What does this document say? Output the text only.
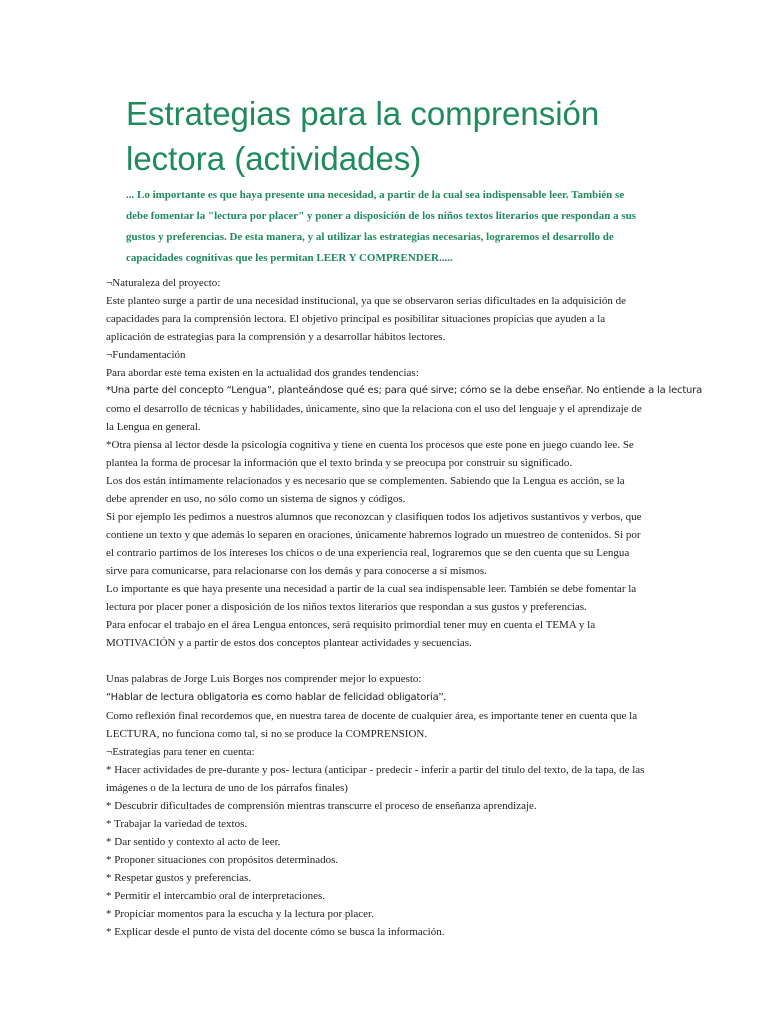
Estrategias para la comprensión lectora (actividades)

... Lo importante es que haya presente una necesidad, a partir de la cual sea indispensable leer. También se debe fomentar la "lectura por placer" y poner a disposición de los niños textos literarios que respondan a sus gustos y preferencias. De esta manera, y al utilizar las estrategias necesarias, lograremos el desarrollo de capacidades cognitivas que les permitan LEER Y COMPRENDER.....

¬Naturaleza del proyecto:
Este planteo surge a partir de una necesidad institucional, ya que se observaron serias dificultades en la adquisición de
capacidades para la comprensión lectora. El objetivo principal es posibilitar situaciones propicias que ayuden a la
aplicación de estrategias para la comprensión y a desarrollar hábitos lectores.
¬Fundamentación
Para abordar este tema existen en la actualidad dos grandes tendencias:
*Una parte del concepto “Lengua”, planteándose qué es; para qué sirve; cómo se la debe enseñar. No entiende a la lectura
como el desarrollo de técnicas y habilidades, únicamente, sino que la relaciona con el uso del lenguaje y el aprendizaje de
la Lengua en general.
*Otra piensa al lector desde la psicología cognitiva y tiene en cuenta los procesos que este pone en juego cuando lee. Se
plantea la forma de procesar la información que el texto brinda y se preocupa por construir su significado.
Los dos están íntimamente relacionados y es necesario que se complementen. Sabiendo que la Lengua es acción, se la
debe aprender en uso, no sólo como un sistema de signos y códigos.
Si por ejemplo les pedimos a nuestros alumnos que reconozcan y clasifiquen todos los adjetivos sustantivos y verbos, que
contiene un texto y que además lo separen en oraciones, únicamente habremos logrado un muestreo de contenidos. Si por
el contrario partimos de los intereses los chicos o de una experiencia real, lograremos que se den cuenta que su Lengua
sirve para comunicarse, para relacionarse con los demás y para conocerse a sí mismos.
Lo importante es que haya presente una necesidad a partir de la cual sea indispensable leer. También se debe fomentar la
lectura por placer poner a disposición de los niños textos literarios que respondan a sus gustos y preferencias.
Para enfocar el trabajo en el área Lengua entonces, será requisito primordial tener muy en cuenta el TEMA y la
MOTIVACIÓN y a partir de estos dos conceptos plantear actividades y secuencias.
Unas palabras de Jorge Luis Borges nos comprender mejor lo expuesto:
“Hablar de lectura obligatoria es como hablar de felicidad obligatoria”.
Como reflexión final recordemos que, en nuestra tarea de docente de cualquier área, es importante tener en cuenta que la
LECTURA, no funciona como tal, si no se produce la COMPRENSION.
¬Estrategias para tener en cuenta:
* Hacer actividades de pre-durante y pos- lectura (anticipar - predecir - inferir a partir del título del texto, de la tapa, de las
imágenes o de la lectura de uno de los párrafos finales)
* Descubrir dificultades de comprensión mientras transcurre el proceso de enseñanza aprendizaje.
* Trabajar la variedad de textos.
* Dar sentido y contexto al acto de leer.
* Proponer situaciones con propósitos determinados.
* Respetar gustos y preferencias.
* Permitir el intercambio oral de interpretaciones.
* Propiciar momentos para la escucha y la lectura por placer.
* Explicar desde el punto de vista del docente cómo se busca la información.
